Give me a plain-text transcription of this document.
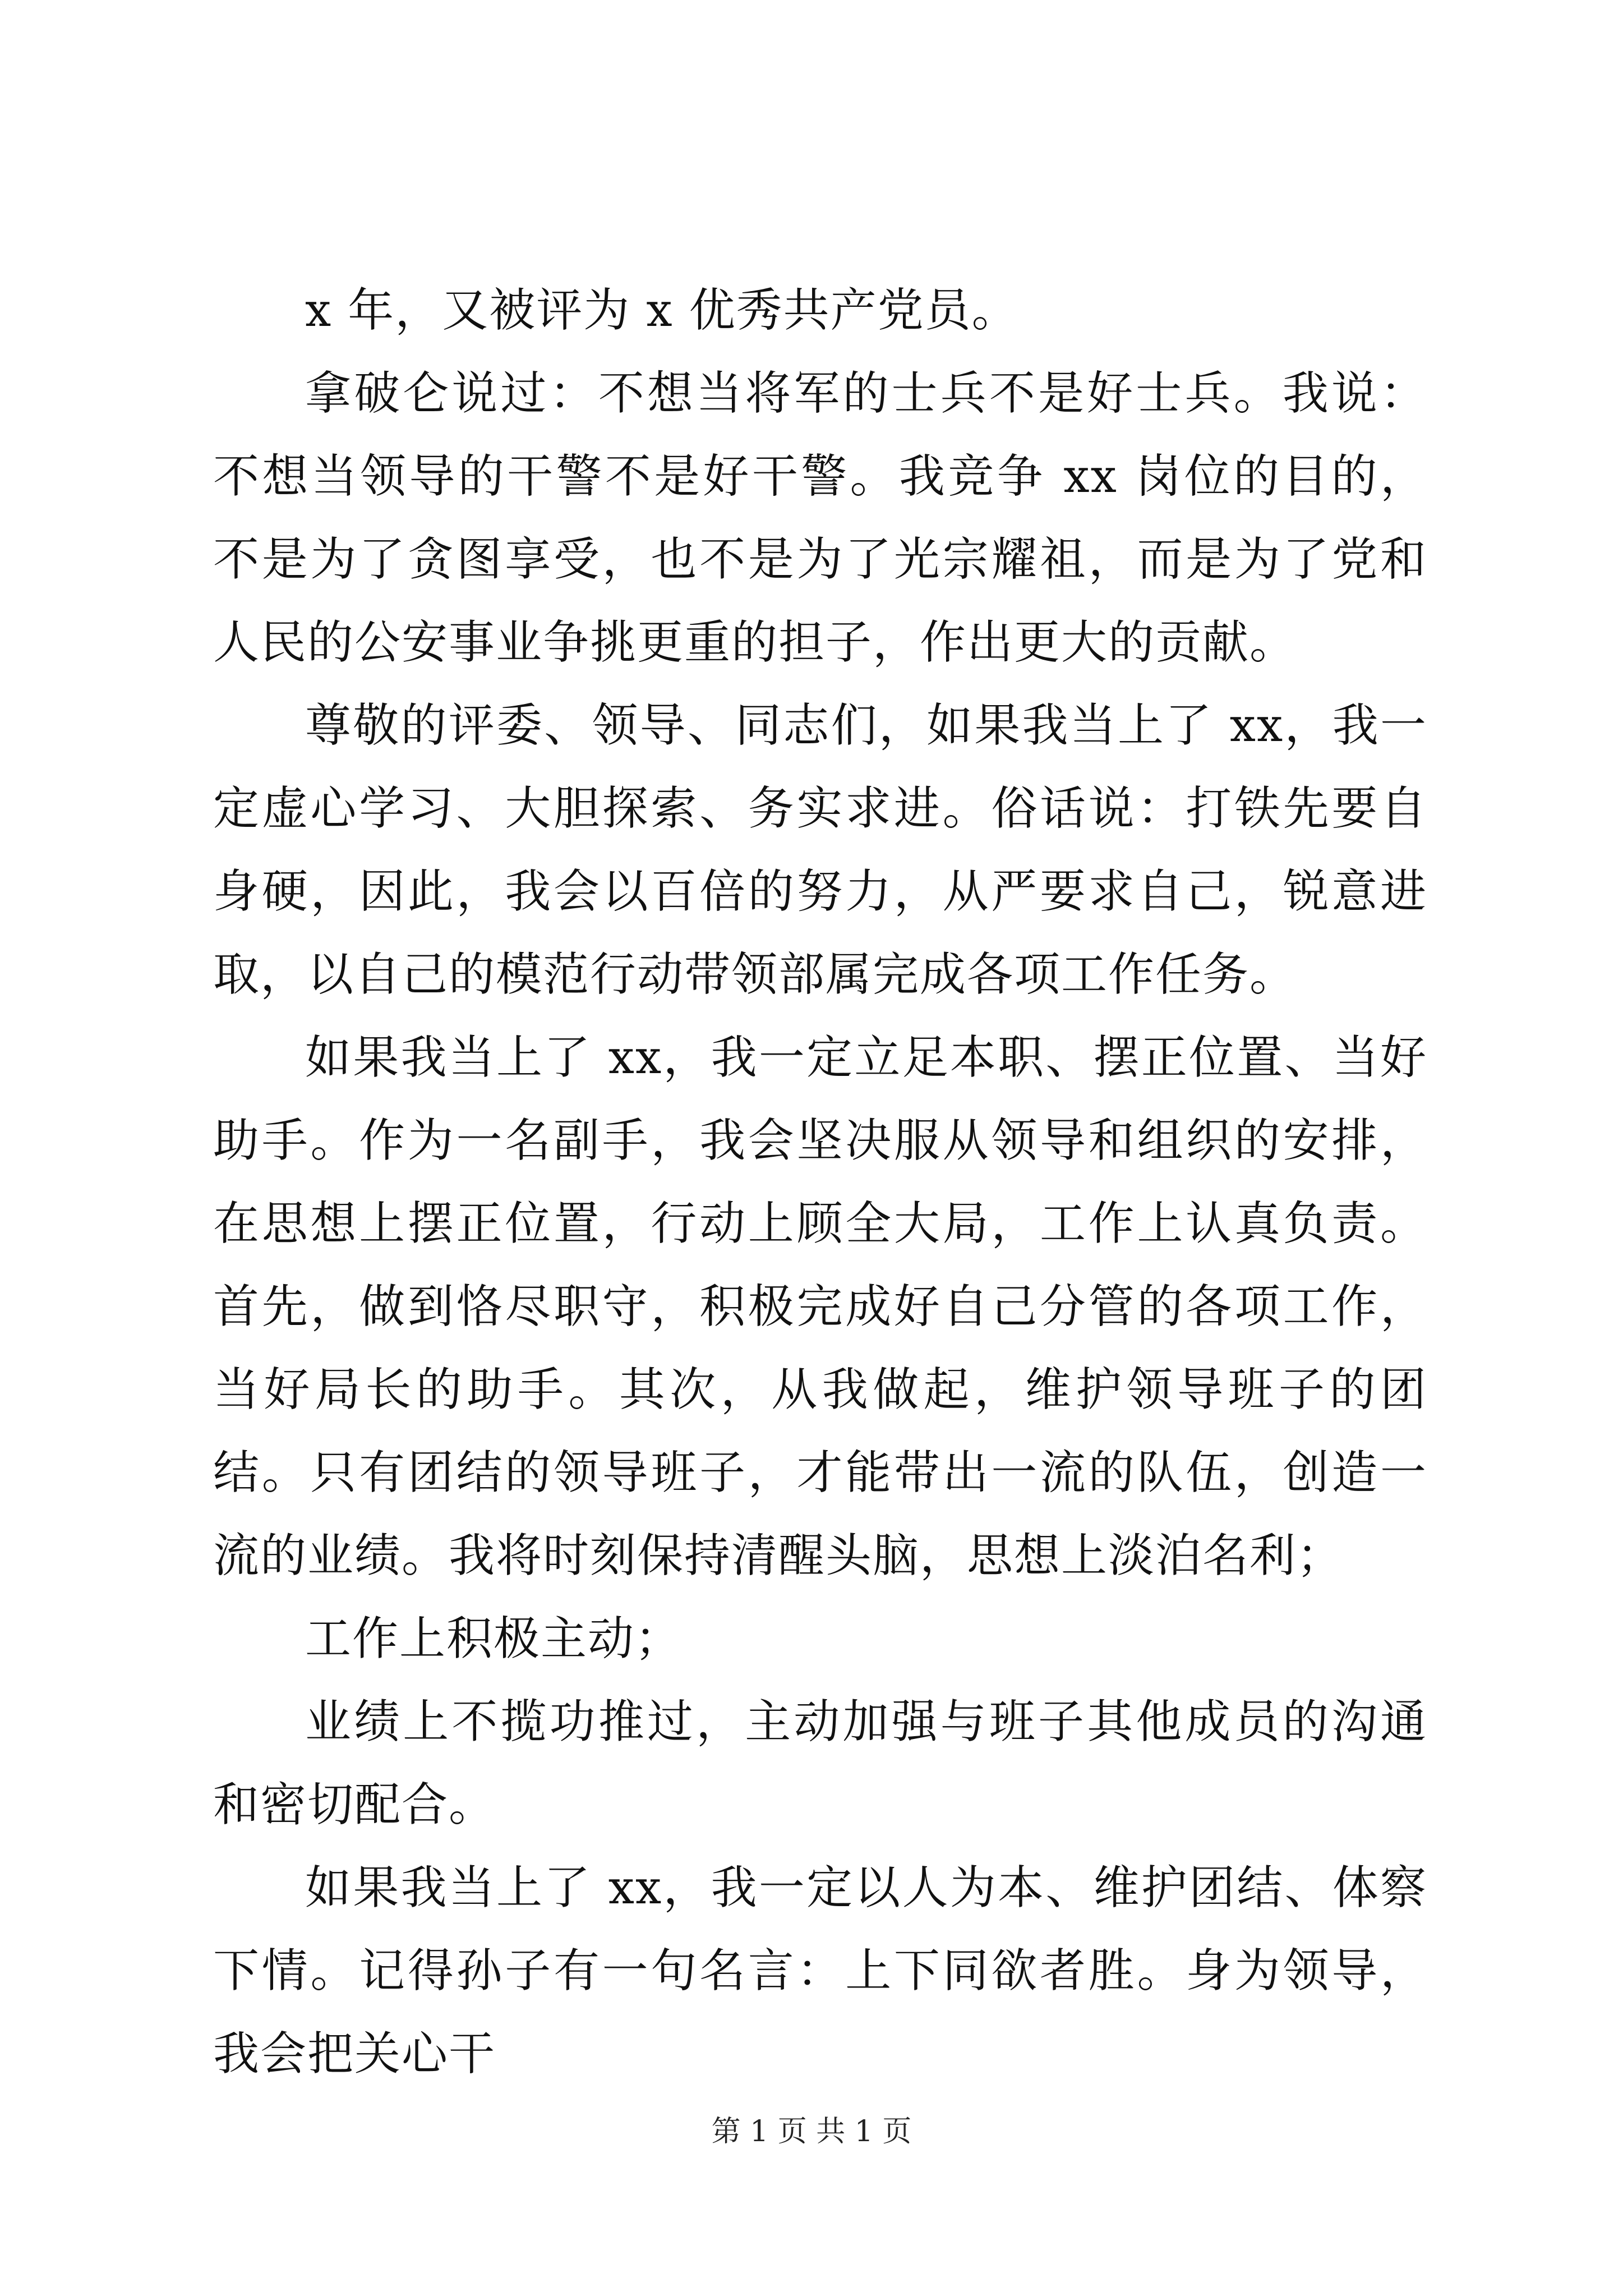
x 年，又被评为 x 优秀共产党员。

拿破仑说过：不想当将军的士兵不是好士兵。我说：不想当领导的干警不是好干警。我竞争 xx 岗位的目的，不是为了贪图享受，也不是为了光宗耀祖，而是为了党和人民的公安事业争挑更重的担子，作出更大的贡献。

尊敬的评委、领导、同志们，如果我当上了 xx，我一定虚心学习、大胆探索、务实求进。俗话说：打铁先要自身硬，因此，我会以百倍的努力，从严要求自己，锐意进取，以自己的模范行动带领部属完成各项工作任务。

如果我当上了 xx，我一定立足本职、摆正位置、当好助手。作为一名副手，我会坚决服从领导和组织的安排，在思想上摆正位置，行动上顾全大局，工作上认真负责。首先，做到恪尽职守，积极完成好自己分管的各项工作，当好局长的助手。其次，从我做起，维护领导班子的团结。只有团结的领导班子，才能带出一流的队伍，创造一流的业绩。我将时刻保持清醒头脑，思想上淡泊名利；

工作上积极主动；

业绩上不揽功推过，主动加强与班子其他成员的沟通和密切配合。

如果我当上了 xx，我一定以人为本、维护团结、体察下情。记得孙子有一句名言：上下同欲者胜。身为领导，我会把关心干

第 1 页 共 1 页
